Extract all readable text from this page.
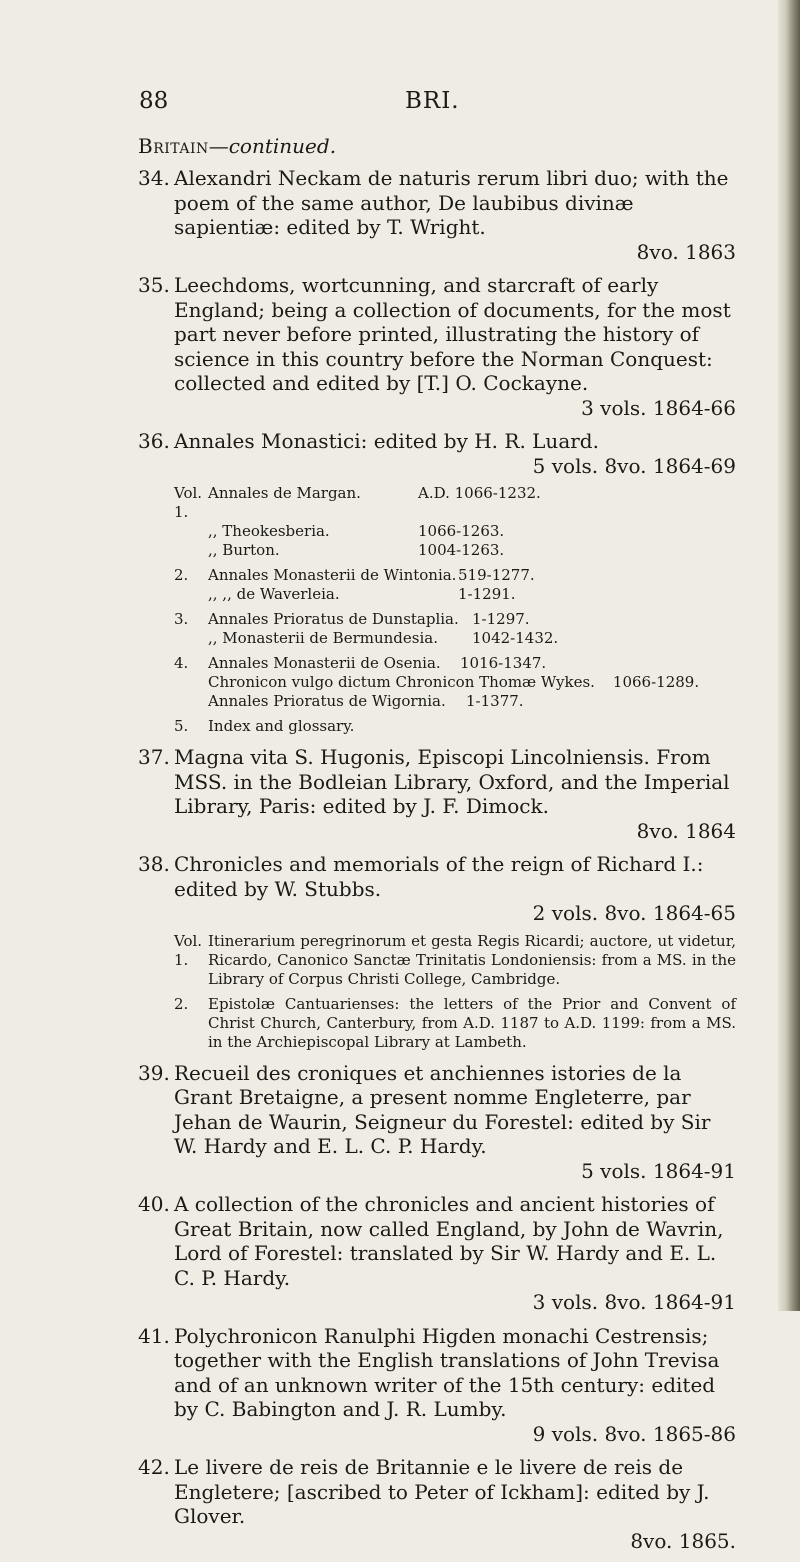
88	BRI.
Britain—continued.
34. Alexandri Neckam de naturis rerum libri duo; with the poem of the same author, De laubibus divinæ sapientiæ: edited by T. Wright.
8vo. 1863
35. Leechdoms, wortcunning, and starcraft of early England; being a collection of documents, for the most part never before printed, illustrating the history of science in this country before the Norman Conquest: collected and edited by [T.] O. Cockayne.
3 vols. 1864-66
36. Annales Monastici: edited by H. R. Luard.
5 vols. 8vo. 1864-69
Vol. 1.
Annales de Margan.	A.D. 1066-1232.
,, Theokesberia.	1066-1263.
,, Burton.	1004-1263.
2.	Annales Monasterii de Wintonia. 519-1277.
,, ,, de Waverleia.	1-1291.
3.	Annales Prioratus de Dunstaplia. 1-1297.
,, Monasterii de Bermundesia.	1042-1432.
4.	Annales Monasterii de Osenia.	1016-1347.
Chronicon vulgo dictum Chronicon Thomæ Wykes.	1066-1289.
Annales Prioratus de Wigornia.	1-1377.
5.	Index and glossary.
37. Magna vita S. Hugonis, Episcopi Lincolniensis. From MSS. in the Bodleian Library, Oxford, and the Imperial Library, Paris: edited by J. F. Dimock.
8vo. 1864
38. Chronicles and memorials of the reign of Richard I.: edited by W. Stubbs.
2 vols. 8vo. 1864-65
Vol. 1.
Itinerarium peregrinorum et gesta Regis Ricardi; auctore, ut videtur, Ricardo, Canonico Sanctæ Trinitatis Londoniensis: from a MS. in the Library of Corpus Christi College, Cambridge.
2.	Epistolæ Cantuarienses: the letters of the Prior and Convent of Christ Church, Canterbury, from A.D. 1187 to A.D. 1199: from a MS. in the Archiepiscopal Library at Lambeth.
39. Recueil des croniques et anchiennes istories de la Grant Bretaigne, a present nomme Engleterre, par Jehan de Waurin, Seigneur du Forestel: edited by Sir W. Hardy and E. L. C. P. Hardy.
5 vols. 1864-91
40. A collection of the chronicles and ancient histories of Great Britain, now called England, by John de Wavrin, Lord of Forestel: translated by Sir W. Hardy and E. L. C. P. Hardy.
3 vols. 8vo. 1864-91
41. Polychronicon Ranulphi Higden monachi Cestrensis; together with the English translations of John Trevisa and of an unknown writer of the 15th century: edited by C. Babington and J. R. Lumby.
9 vols. 8vo. 1865-86
42. Le livere de reis de Britannie e le livere de reis de Engletere; [ascribed to Peter of Ickham]: edited by J. Glover.
8vo. 1865.
